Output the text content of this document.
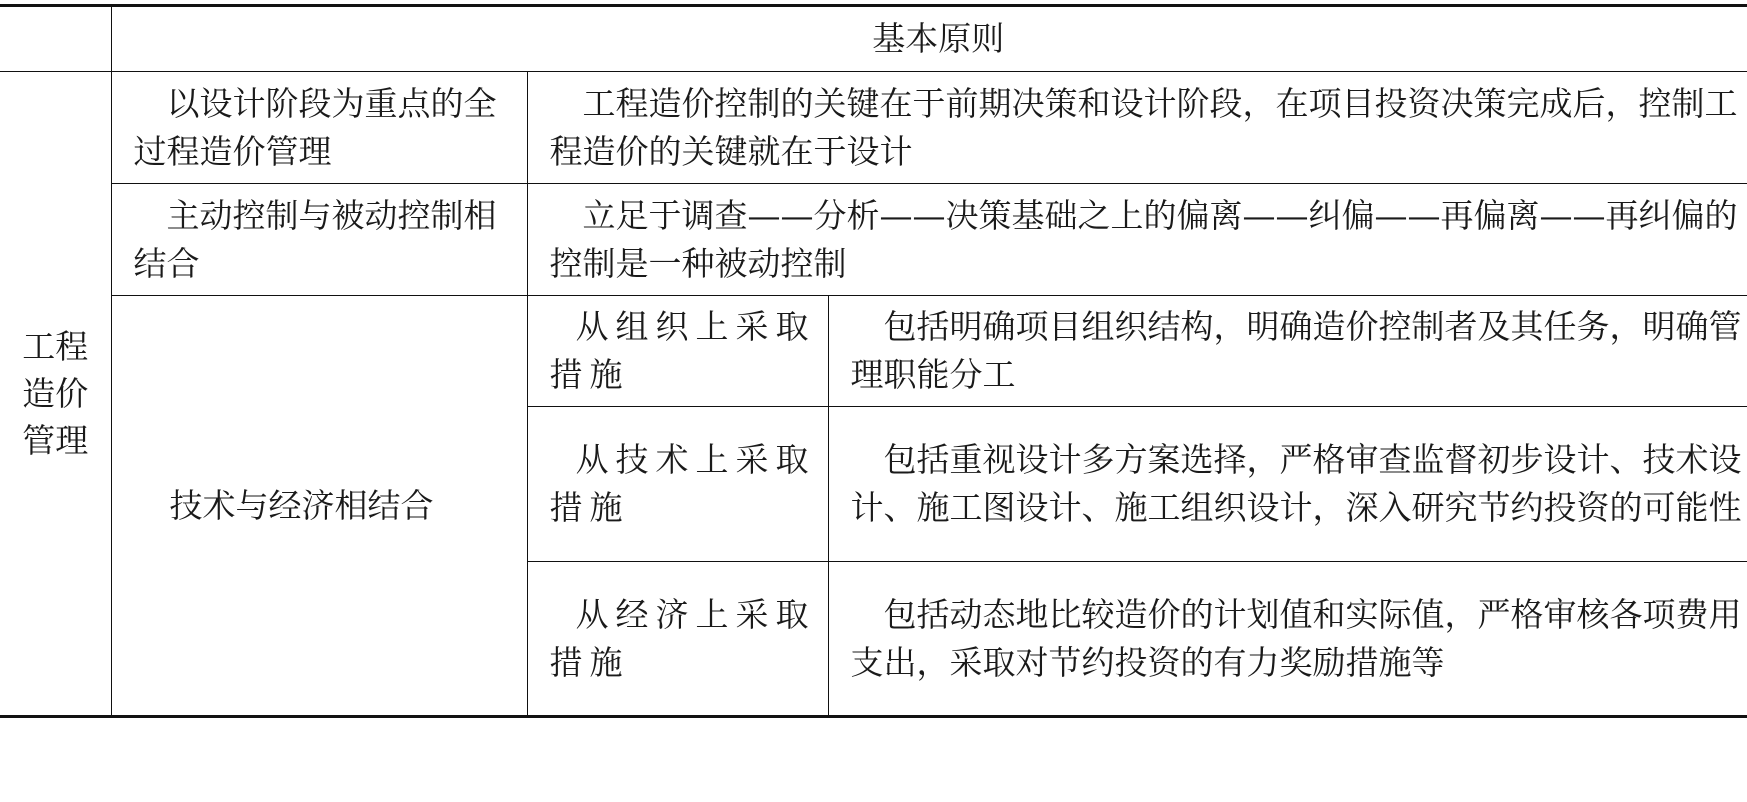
	基本原则		
工程造价管理	以设计阶段为重点的全过程造价管理	工程造价控制的关键在于前期决策和设计阶段，在项目投资决策完成后，控制工程造价的关键就在于设计	
	主动控制与被动控制相结合	立足于调查——分析——决策基础之上的偏离——纠偏——再偏离——再纠偏的控制是一种被动控制	
	技术与经济相结合	从组织上采取措施	包括明确项目组织结构，明确造价控制者及其任务，明确管理职能分工
		从技术上采取措施	包括重视设计多方案选择，严格审查监督初步设计、技术设计、施工图设计、施工组织设计，深入研究节约投资的可能性
		从经济上采取措施	包括动态地比较造价的计划值和实际值，严格审核各项费用支出，采取对节约投资的有力奖励措施等
